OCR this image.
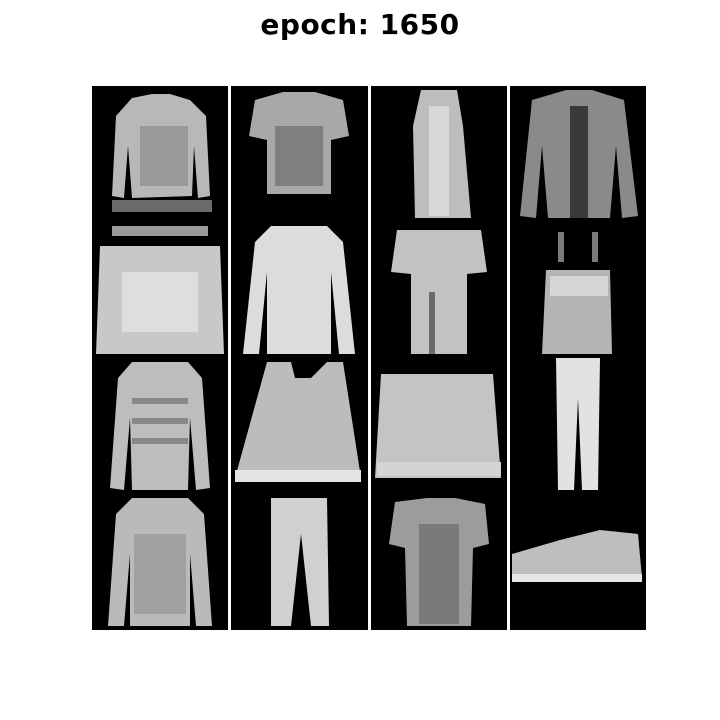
epoch: 1650
